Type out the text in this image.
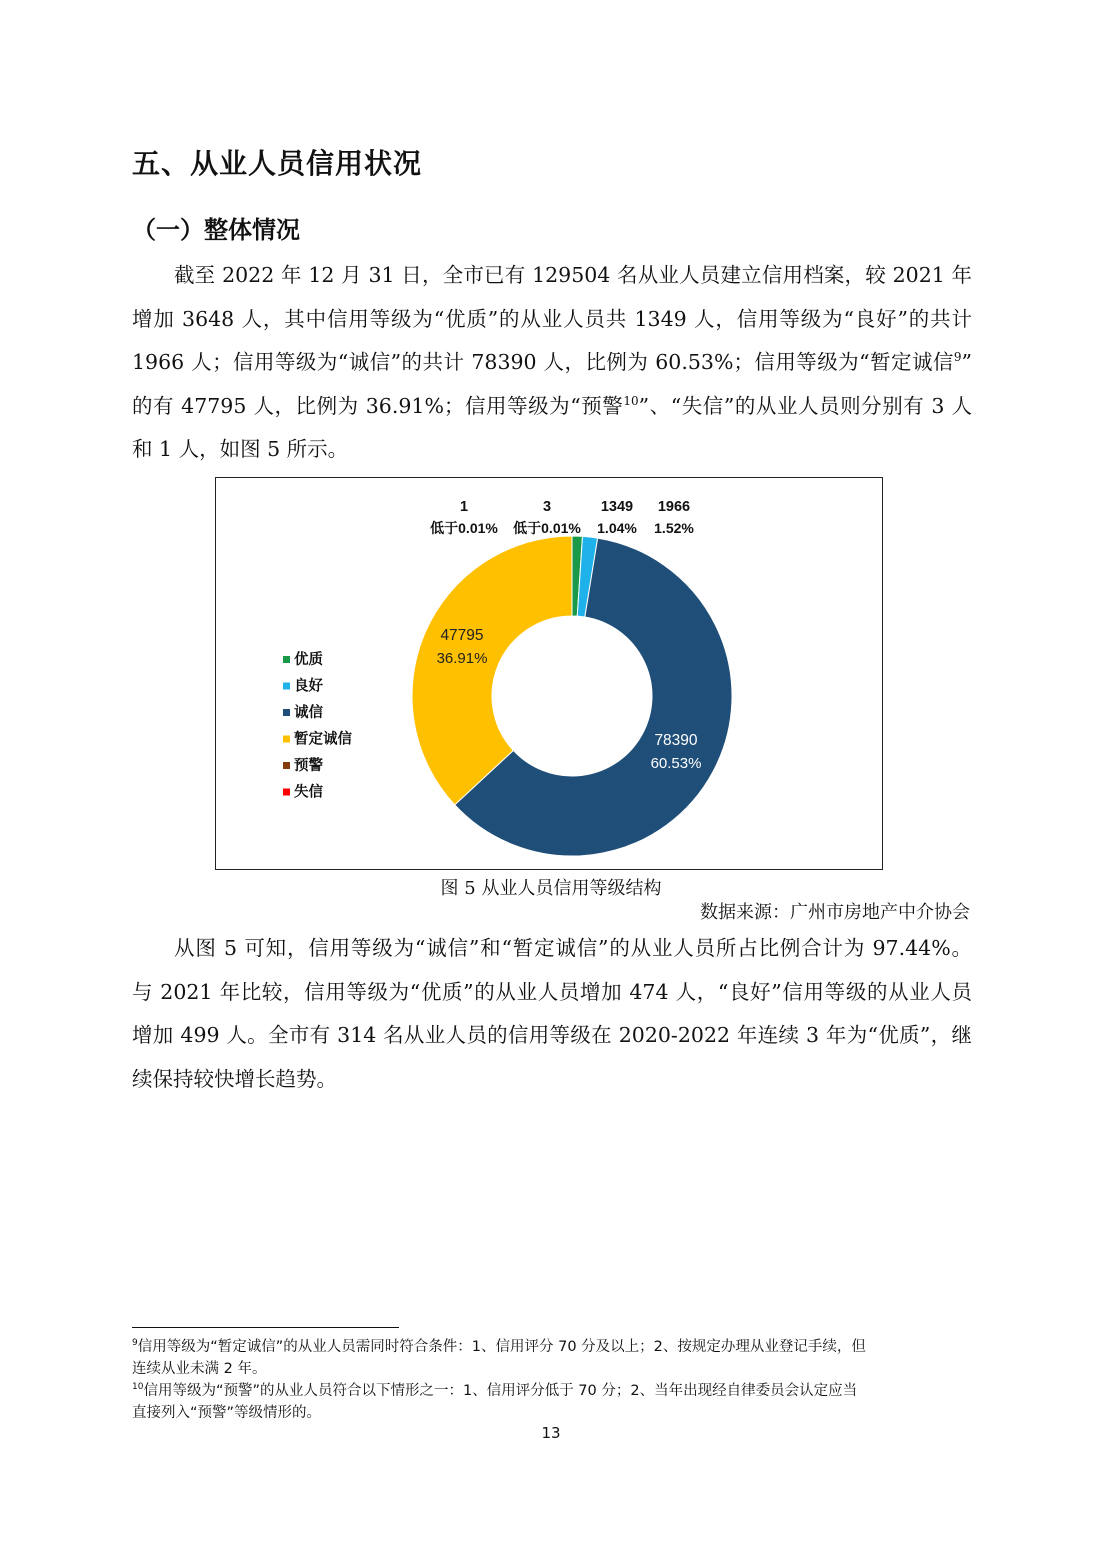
五、从业人员信用状况
（一）整体情况
截至 2022 年 12 月 31 日，全市已有 129504 名从业人员建立信用档案，较 2021 年
增加 3648 人，其中信用等级为“优质”的从业人员共 1349 人，信用等级为“良好”的共计
1966 人；信用等级为“诚信”的共计 78390 人，比例为 60.53%；信用等级为“暂定诚信$^9$”
的有 47795 人，比例为 36.91%；信用等级为“预警$^{10}$”、“失信”的从业人员则分别有 3 人
和 1 人，如图 5 所示。
1
低于0.01%
3
低于0.01%
1349
1.04%
1966
1.52%
47795
36.91%
78390
60.53%
优质
良好
诚信
暂定诚信
预警
失信
图 5 从业人员信用等级结构
数据来源：广州市房地产中介协会
从图 5 可知，信用等级为“诚信”和“暂定诚信”的从业人员所占比例合计为 97.44%。
与 2021 年比较，信用等级为“优质”的从业人员增加 474 人，“良好”信用等级的从业人员
增加 499 人。全市有 314 名从业人员的信用等级在 2020-2022 年连续 3 年为“优质”，继
续保持较快增长趋势。
$^9$信用等级为“暂定诚信”的从业人员需同时符合条件：1、信用评分 70 分及以上；2、按规定办理从业登记手续，但
连续从业未满 2 年。
$^{10}$信用等级为“预警”的从业人员符合以下情形之一：1、信用评分低于 70 分；2、当年出现经自律委员会认定应当
直接列入“预警”等级情形的。
13
